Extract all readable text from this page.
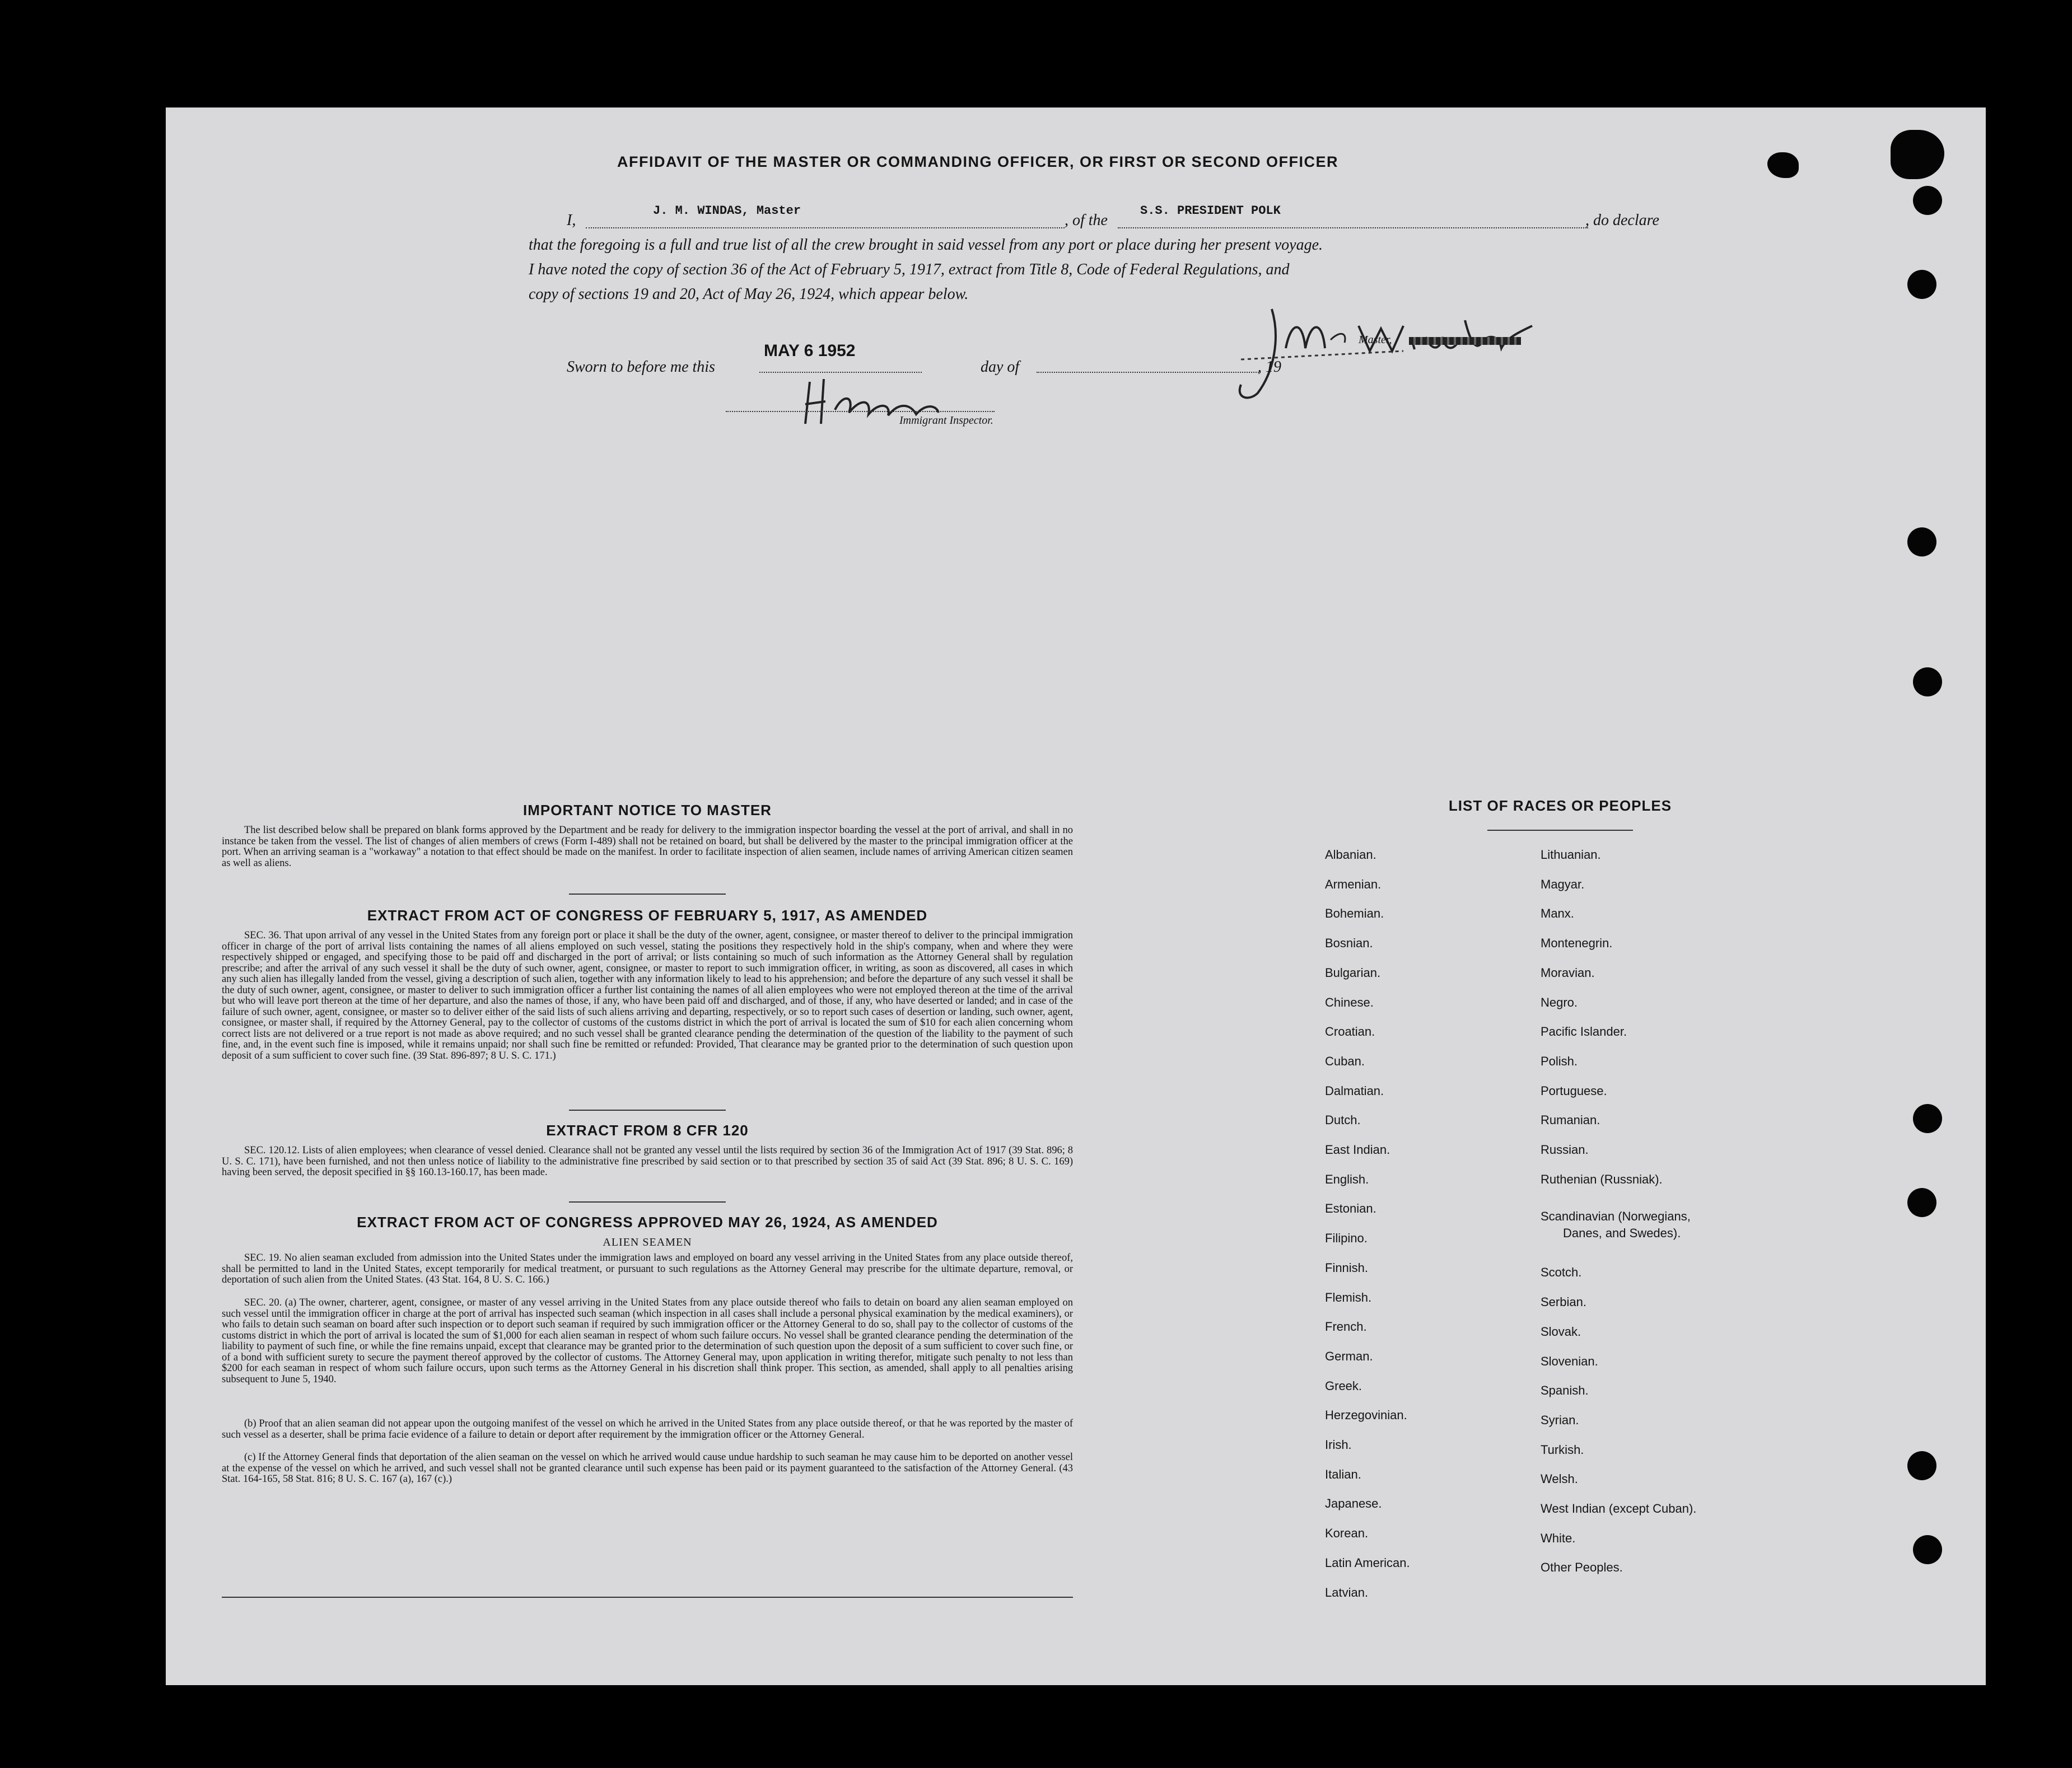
AFFIDAVIT OF THE MASTER OR COMMANDING OFFICER, OR FIRST OR SECOND OFFICER
I,
J. M. WINDAS, Master
, of the
S.S. PRESIDENT POLK
, do declare
that the foregoing is a full and true list of all the crew brought in said vessel from any port or place during her present voyage.
I have noted the copy of section 36 of the Act of February 5, 1917, extract from Title 8, Code of Federal Regulations, and
copy of sections 19 and 20, Act of May 26, 1924, which appear below.
Master,
Sworn to before me this
MAY 6 1952
day of	, 19
Immigrant Inspector.
IMPORTANT NOTICE TO MASTER
The list described below shall be prepared on blank forms approved by the Department and be ready for delivery to the immigration inspector boarding the vessel at the port of arrival, and shall in no instance be taken from the vessel. The list of changes of alien members of crews (Form I-489) shall not be retained on board, but shall be delivered by the master to the principal immigration officer at the port. When an arriving seaman is a "workaway" a notation to that effect should be made on the manifest. In order to facilitate inspection of alien seamen, include names of arriving American citizen seamen as well as aliens.
EXTRACT FROM ACT OF CONGRESS OF FEBRUARY 5, 1917, AS AMENDED
SEC. 36. That upon arrival of any vessel in the United States from any foreign port or place it shall be the duty of the owner, agent, consignee, or master thereof to deliver to the principal immigration officer in charge of the port of arrival lists containing the names of all aliens employed on such vessel, stating the positions they respectively hold in the ship's company, when and where they were respectively shipped or engaged, and specifying those to be paid off and discharged in the port of arrival; or lists containing so much of such information as the Attorney General shall by regulation prescribe; and after the arrival of any such vessel it shall be the duty of such owner, agent, consignee, or master to report to such immigration officer, in writing, as soon as discovered, all cases in which any such alien has illegally landed from the vessel, giving a description of such alien, together with any information likely to lead to his apprehension; and before the departure of any such vessel it shall be the duty of such owner, agent, consignee, or master to deliver to such immigration officer a further list containing the names of all alien employees who were not employed thereon at the time of the arrival but who will leave port thereon at the time of her departure, and also the names of those, if any, who have been paid off and discharged, and of those, if any, who have deserted or landed; and in case of the failure of such owner, agent, consignee, or master so to deliver either of the said lists of such aliens arriving and departing, respectively, or so to report such cases of desertion or landing, such owner, agent, consignee, or master shall, if required by the Attorney General, pay to the collector of customs of the customs district in which the port of arrival is located the sum of $10 for each alien concerning whom correct lists are not delivered or a true report is not made as above required; and no such vessel shall be granted clearance pending the determination of the question of the liability to the payment of such fine, and, in the event such fine is imposed, while it remains unpaid; nor shall such fine be remitted or refunded: Provided, That clearance may be granted prior to the determination of such question upon deposit of a sum sufficient to cover such fine. (39 Stat. 896-897; 8 U. S. C. 171.)
EXTRACT FROM 8 CFR 120
SEC. 120.12. Lists of alien employees; when clearance of vessel denied. Clearance shall not be granted any vessel until the lists required by section 36 of the Immigration Act of 1917 (39 Stat. 896; 8 U. S. C. 171), have been furnished, and not then unless notice of liability to the administrative fine prescribed by said section or to that prescribed by section 35 of said Act (39 Stat. 896; 8 U. S. C. 169) having been served, the deposit specified in §§ 160.13-160.17, has been made.
EXTRACT FROM ACT OF CONGRESS APPROVED MAY 26, 1924, AS AMENDED
ALIEN SEAMEN
SEC. 19. No alien seaman excluded from admission into the United States under the immigration laws and employed on board any vessel arriving in the United States from any place outside thereof, shall be permitted to land in the United States, except temporarily for medical treatment, or pursuant to such regulations as the Attorney General may prescribe for the ultimate departure, removal, or deportation of such alien from the United States. (43 Stat. 164, 8 U. S. C. 166.)
SEC. 20. (a) The owner, charterer, agent, consignee, or master of any vessel arriving in the United States from any place outside thereof who fails to detain on board any alien seaman employed on such vessel until the immigration officer in charge at the port of arrival has inspected such seaman (which inspection in all cases shall include a personal physical examination by the medical examiners), or who fails to detain such seaman on board after such inspection or to deport such seaman if required by such immigration officer or the Attorney General to do so, shall pay to the collector of customs of the customs district in which the port of arrival is located the sum of $1,000 for each alien seaman in respect of whom such failure occurs. No vessel shall be granted clearance pending the determination of the liability to payment of such fine, or while the fine remains unpaid, except that clearance may be granted prior to the determination of such question upon the deposit of a sum sufficient to cover such fine, or of a bond with sufficient surety to secure the payment thereof approved by the collector of customs. The Attorney General may, upon application in writing therefor, mitigate such penalty to not less than $200 for each seaman in respect of whom such failure occurs, upon such terms as the Attorney General in his discretion shall think proper. This section, as amended, shall apply to all penalties arising subsequent to June 5, 1940.
(b) Proof that an alien seaman did not appear upon the outgoing manifest of the vessel on which he arrived in the United States from any place outside thereof, or that he was reported by the master of such vessel as a deserter, shall be prima facie evidence of a failure to detain or deport after requirement by the immigration officer or the Attorney General.
(c) If the Attorney General finds that deportation of the alien seaman on the vessel on which he arrived would cause undue hardship to such seaman he may cause him to be deported on another vessel at the expense of the vessel on which he arrived, and such vessel shall not be granted clearance until such expense has been paid or its payment guaranteed to the satisfaction of the Attorney General. (43 Stat. 164-165, 58 Stat. 816; 8 U. S. C. 167 (a), 167 (c).)
LIST OF RACES OR PEOPLES
Albanian.
Armenian.
Bohemian.
Bosnian.
Bulgarian.
Chinese.
Croatian.
Cuban.
Dalmatian.
Dutch.
East Indian.
English.
Estonian.
Filipino.
Finnish.
Flemish.
French.
German.
Greek.
Herzegovinian.
Irish.
Italian.
Japanese.
Korean.
Latin American.
Latvian.
Lithuanian.
Magyar.
Manx.
Montenegrin.
Moravian.
Negro.
Pacific Islander.
Polish.
Portuguese.
Rumanian.
Russian.
Ruthenian (Russniak).
Scandinavian (Norwegians,
Danes, and Swedes).
Scotch.
Serbian.
Slovak.
Slovenian.
Spanish.
Syrian.
Turkish.
Welsh.
West Indian (except Cuban).
White.
Other Peoples.
